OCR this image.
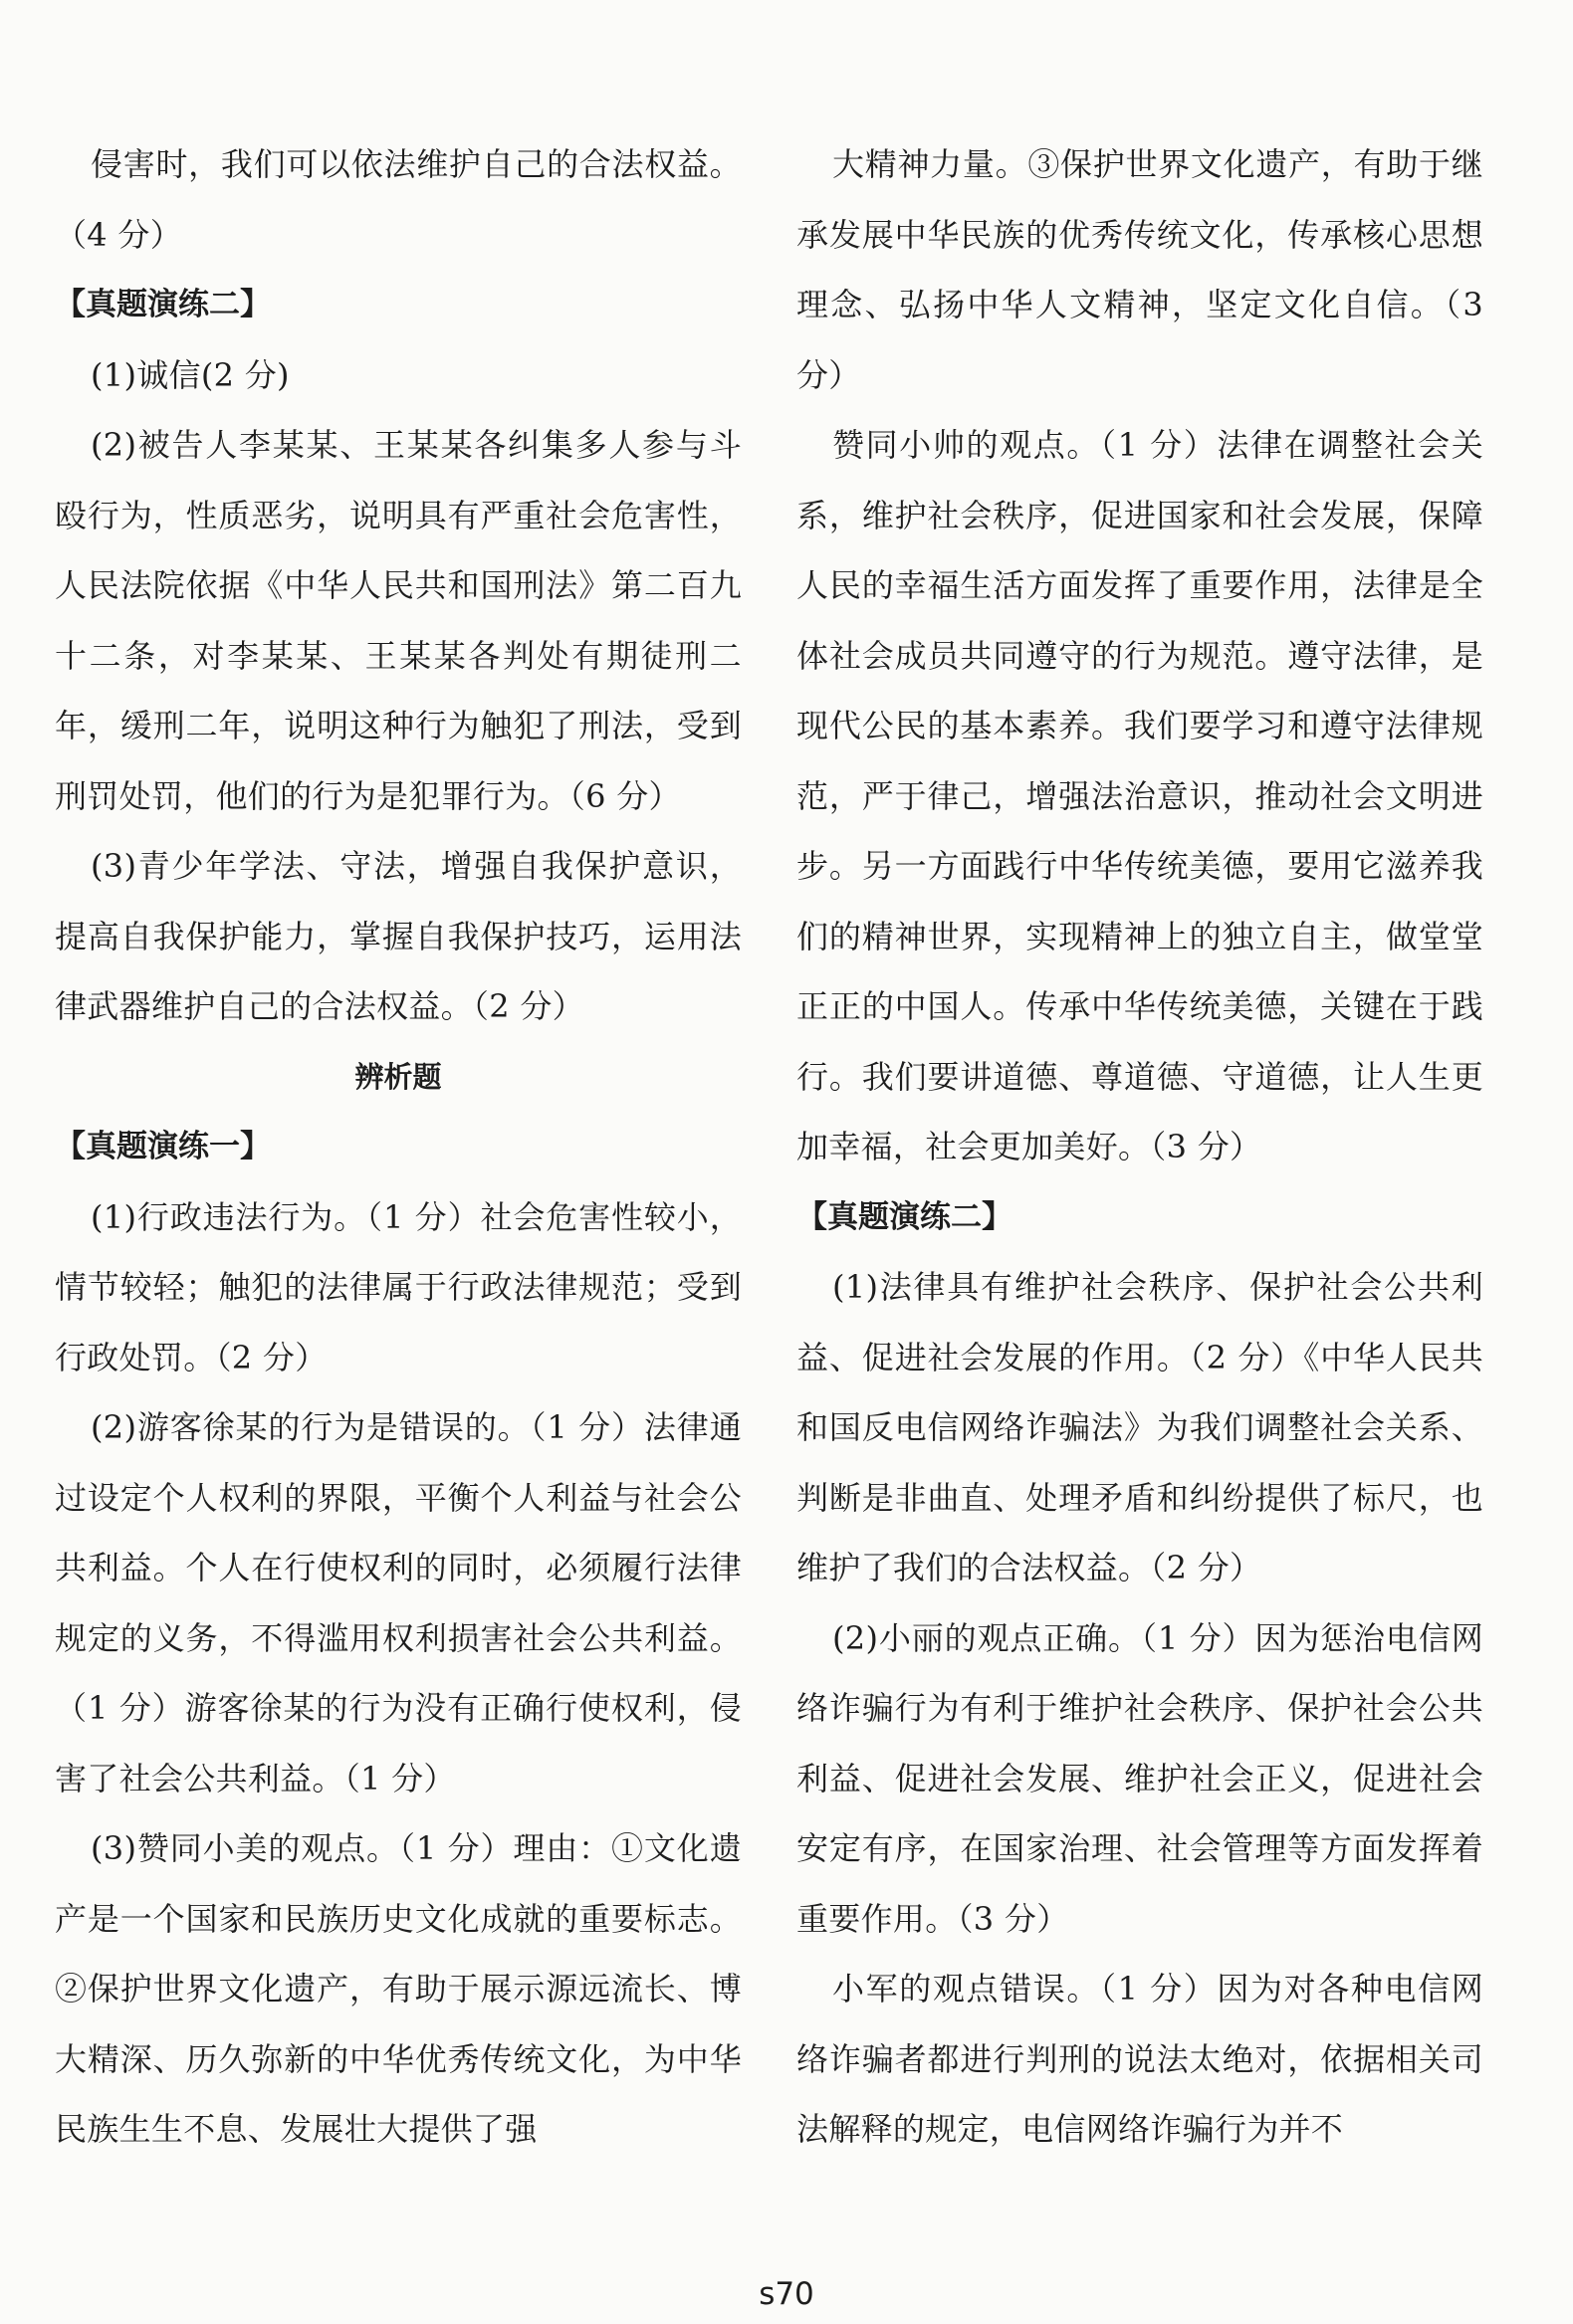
侵害时，我们可以依法维护自己的合法权益。（4 分）

【真题演练二】

(1)诚信(2 分)

(2)被告人李某某、王某某各纠集多人参与斗殴行为，性质恶劣，说明具有严重社会危害性，人民法院依据《中华人民共和国刑法》第二百九十二条，对李某某、王某某各判处有期徒刑二年，缓刑二年，说明这种行为触犯了刑法，受到刑罚处罚，他们的行为是犯罪行为。（6 分）

(3)青少年学法、守法，增强自我保护意识，提高自我保护能力，掌握自我保护技巧，运用法律武器维护自己的合法权益。（2 分）

辨析题

【真题演练一】

(1)行政违法行为。（1 分）社会危害性较小，情节较轻；触犯的法律属于行政法律规范；受到行政处罚。（2 分）

(2)游客徐某的行为是错误的。（1 分）法律通过设定个人权利的界限，平衡个人利益与社会公共利益。个人在行使权利的同时，必须履行法律规定的义务，不得滥用权利损害社会公共利益。（1 分）游客徐某的行为没有正确行使权利，侵害了社会公共利益。（1 分）

(3)赞同小美的观点。（1 分）理由：①文化遗产是一个国家和民族历史文化成就的重要标志。②保护世界文化遗产，有助于展示源远流长、博大精深、历久弥新的中华优秀传统文化，为中华民族生生不息、发展壮大提供了强

大精神力量。③保护世界文化遗产，有助于继承发展中华民族的优秀传统文化，传承核心思想理念、弘扬中华人文精神，坚定文化自信。（3 分）

赞同小帅的观点。（1 分）法律在调整社会关系，维护社会秩序，促进国家和社会发展，保障人民的幸福生活方面发挥了重要作用，法律是全体社会成员共同遵守的行为规范。遵守法律，是现代公民的基本素养。我们要学习和遵守法律规范，严于律己，增强法治意识，推动社会文明进步。另一方面践行中华传统美德，要用它滋养我们的精神世界，实现精神上的独立自主，做堂堂正正的中国人。传承中华传统美德，关键在于践行。我们要讲道德、尊道德、守道德，让人生更加幸福，社会更加美好。（3 分）

【真题演练二】

(1)法律具有维护社会秩序、保护社会公共利益、促进社会发展的作用。（2 分）《中华人民共和国反电信网络诈骗法》为我们调整社会关系、判断是非曲直、处理矛盾和纠纷提供了标尺，也维护了我们的合法权益。（2 分）

(2)小丽的观点正确。（1 分）因为惩治电信网络诈骗行为有利于维护社会秩序、保护社会公共利益、促进社会发展、维护社会正义，促进社会安定有序，在国家治理、社会管理等方面发挥着重要作用。（3 分）

小军的观点错误。（1 分）因为对各种电信网络诈骗者都进行判刑的说法太绝对，依据相关司法解释的规定，电信网络诈骗行为并不

s70
